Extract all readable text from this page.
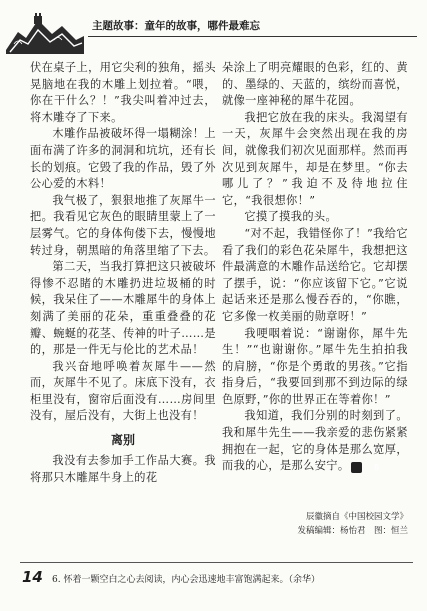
主题故事：童年的故事，哪件最难忘

伏在桌子上，用它尖利的独角，摇头晃脑地在我的木雕上划拉着。“喂，你在干什么？！”我尖叫着冲过去，将木雕夺了下来。

木雕作品被破坏得一塌糊涂！上面布满了许多的洞洞和坑坑，还有长长的划痕。它毁了我的作品，毁了外公心爱的木料！

我气极了，狠狠地推了灰犀牛一把。我看见它灰色的眼睛里蒙上了一层雾气。它的身体佝偻下去，慢慢地转过身，朝黑暗的角落里缩了下去。

第二天，当我打算把这只被破坏得惨不忍睹的木雕扔进垃圾桶的时候，我呆住了——木雕犀牛的身体上刻满了美丽的花朵，重重叠叠的花瓣、蜿蜒的花茎、传神的叶子……是的，那是一件无与伦比的艺术品！

我兴奋地呼唤着灰犀牛——然而，灰犀牛不见了。床底下没有，衣柜里没有，窗帘后面没有……房间里没有，屋后没有，大街上也没有！

离别

我没有去参加手工作品大赛。我将那只木雕犀牛身上的花

朵涂上了明亮耀眼的色彩，红的、黄的、墨绿的、天蓝的，缤纷而喜悦，就像一座神秘的犀牛花园。

我把它放在我的床头。我渴望有一天，灰犀牛会突然出现在我的房间，就像我们初次见面那样。然而再次见到灰犀牛，却是在梦里。“你去哪儿了？”我迫不及待地拉住它，“我很想你！”

它摸了摸我的头。

“对不起，我错怪你了！”我给它看了我们的彩色花朵犀牛，我想把这件最满意的木雕作品送给它。它却摆了摆手，说：“你应该留下它。”它说起话来还是那么慢吞吞的，“你瞧，它多像一枚美丽的勋章呀！”

我哽咽着说：“谢谢你，犀牛先生！”“也谢谢你。”犀牛先生拍拍我的肩膀，“你是个勇敢的男孩。”它指指身后，“我要回到那不到边际的绿色原野，”你的世界正在等着你！”

我知道，我们分别的时刻到了。我和犀牛先生——我亲爱的悲伤紧紧拥抱在一起，它的身体是那么宽厚，而我的心，是那么安宁。	8

辰徽摘自《中国校园文学》
发稿编辑：杨怡君　图：恒兰
14 6. 怀着一颗空白之心去阅读，内心会迅速地丰富饱满起来。（余华）
